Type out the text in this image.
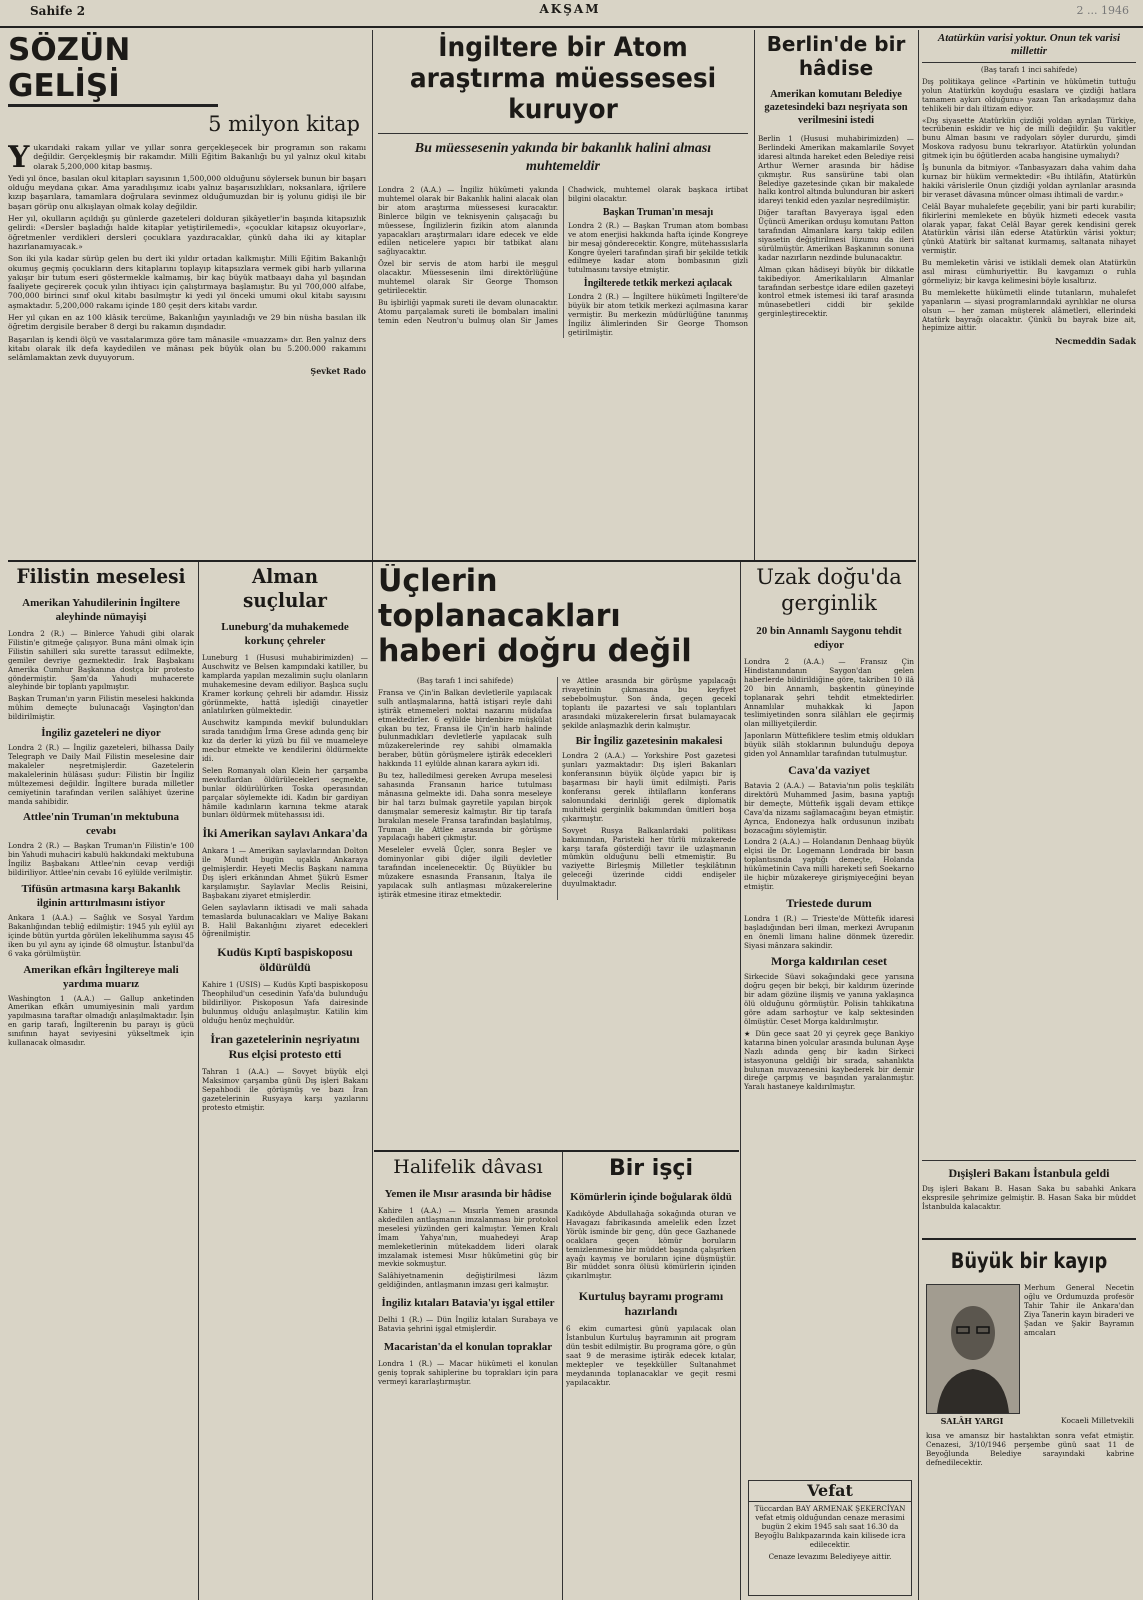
Sahife 2	AKŞAM	2 ... 1946
SÖZÜN GELİŞİ
5 milyon kitap

Yukarıdaki rakam yıllar ve yıllar sonra gerçekleşecek bir programın son rakamı değildir. Gerçekleşmiş bir rakamdır. Milli Eğitim Bakanlığı bu yıl yalnız okul kitabı olarak 5,200,000 kitap basmış.

Yedi yıl önce, basılan okul kitapları sayısının 1,500,000 olduğunu söylersek bunun bir başarı olduğu meydana çıkar. Ama yaradılışımız icabı yalnız başarısızlıkları, noksanlara, iğrilere kızıp başarılara, tamamlara doğrulara sevinmez olduğumuzdan bir iş yolunu gidişi ile bir başarı görüp onu alkışlayan olmak kolay değildir.

Her yıl, okulların açıldığı şu günlerde gazeteleri dolduran şikâyetler'in başında kitapsızlık gelirdi: «Dersler başladığı halde kitaplar yetiştirilemedi», «çocuklar kitapsız okuyorlar», öğretmenler verdikleri dersleri çocuklara yazdıracaklar, çünkü daha iki ay kitaplar hazırlanamıyacak.»

Son iki yıla kadar sürüp gelen bu dert iki yıldır ortadan kalkmıştır. Milli Eğitim Bakanlığı okumuş geçmiş çocukların ders kitaplarını toplayıp kitapsızlara vermek gibi harb yıllarına yakışır bir tutum eseri göstermekle kalmamış, bir kaç büyük matbaayı daha yıl başından faaliyete geçirerek çocuk yılın ihtiyacı için çalıştırmaya başlamıştır. Bu yıl 700,000 alfabe, 700,000 birinci sınıf okul kitabı basılmıştır ki yedi yıl önceki umumi okul kitabı sayısını aşmaktadır. 5,200,000 rakamı içinde 180 çeşit ders kitabı vardır.

Her yıl çıkan en az 100 klâsik tercüme, Bakanlığın yayınladığı ve 29 bin nüsha basılan ilk öğretim dergisile beraber 8 dergi bu rakamın dışındadır.

Başarılan iş kendi ölçü ve vasıtalarımıza göre tam mânasile «muazzam» dır. Ben yalnız ders kitabı olarak ilk defa kaydedilen ve mânası pek büyük olan bu 5.200.000 rakamını selâmlamaktan zevk duyuyorum.

Şevket Rado
İngiltere bir Atom araştırma müessesesi kuruyor
Bu müessesenin yakında bir bakanlık halini alması muhtemeldir

Londra 2 (A.A.) — İngiliz hükûmeti yakında muhtemel olarak bir Bakanlık halini alacak olan bir atom araştırma müessesesi kuracaktır. Binlerce bilgin ve teknisyenin çalışacağı bu müessese, İngilizlerin fizikin atom alanında yapacakları araştırmaları idare edecek ve elde edilen neticelere yapıcı bir tatbikat alanı sağlıyacaktır.

Özel bir servis de atom harbi ile meşgul olacaktır. Müessesenin ilmi direktörlüğüne muhtemel olarak Sir George Thomson getirilecektir.

Bu işbirliği yapmak sureti ile devam olunacaktır. Atomu parçalamak sureti ile bombaları imalini temin eden Neutron'u bulmuş olan Sir James Chadwick, muhtemel olarak başkaca irtibat bilgini olacaktır.

Başkan Truman'ın mesajı

Londra 2 (R.) — Başkan Truman atom bombası ve atom enerjisi hakkında hafta içinde Kongreye bir mesaj gönderecektir. Kongre, mütehassıslarla Kongre üyeleri tarafından şirafi bir şekilde tetkik edilmeye kadar atom bombasının gizli tutulmasını tavsiye etmiştir.

İngilterede tetkik merkezi açılacak

Londra 2 (R.) — İngiltere hükûmeti İngiltere'de büyük bir atom tetkik merkezi açılmasına karar vermiştir. Bu merkezin müdürlüğüne tanınmış İngiliz âlimlerinden Sir George Thomson getirilmiştir.

Berlin'de bir hâdise
Amerikan komutanı Belediye gazetesindeki bazı neşriyata son verilmesini istedi

Berlin 1 (Hususi muhabirimizden) — Berlindeki Amerikan makamlarile Sovyet idaresi altında hareket eden Belediye reisi Arthur Werner arasında bir hâdise çıkmıştır. Rus sansürüne tabi olan Belediye gazetesinde çıkan bir makalede halkı kontrol altında bulunduran bir askeri idareyi tenkid eden yazılar neşredilmiştir.

Diğer taraftan Bavyeraya işgal eden Üçüncü Amerikan orduşu komutanı Patton tarafından Almanlara karşı takip edilen siyasetin değiştirilmesi lüzumu da ileri sürülmüştür. Amerikan Başkanının sonuna kadar nazırların nezdinde bulunacaktır.

Alman çıkan hâdiseyi büyük bir dikkatle takibediyor. Amerikalıların Almanlar tarafından serbestçe idare edilen gazeteyi kontrol etmek istemesi iki taraf arasında münasebetleri ciddi bir şekilde gerginleştirecektir.

Atatürkün varisi yoktur. Onun tek varisi millettir
(Baş tarafı 1 inci sahifede)

Dış politikaya gelince «Partinin ve hükûmetin tuttuğu yolun Atatürkün koyduğu esaslara ve çizdiği hatlara tamamen aykırı olduğunu» yazan Tan arkadaşımız daha tehlikeli bir dalı iltizam ediyor.

«Dış siyasette Atatürkün çizdiği yoldan ayrılan Türkiye, tecrübenin eskidir ve hiç de milli değildir. Şu vakitler bunu Alman basını ve radyoları söyler dururdu, şimdi Moskova radyosu bunu tekrarlıyor. Atatürkün yolundan gitmek için bu öğütlerden acaba hangisine uymalıydı?

İş bununla da bitmiyor. «Tanbasyazarı daha vahim daha kurnaz bir hüküm vermektedir: «Bu ihtilâfın, Atatürkün hakiki vârislerile Onun çizdiği yoldan ayrılanlar arasında bir veraset dâvasına müncer olması ihtimali de vardır.»

Celâl Bayar muhalefete geçebilir, yani bir parti kurabilir; fikirlerini memlekete en büyük hizmeti edecek vasıta olarak yapar, fakat Celâl Bayar gerek kendisini gerek Atatürkün vârisi ilân ederse Atatürkün vârisi yoktur; çünkü Atatürk bir saltanat kurmamış, saltanata nihayet vermiştir.

Bu memleketin vârisi ve istiklali demek olan Atatürkün asıl mirası cümhuriyettir. Bu kavgamızı o ruhla görmeliyiz; bir kavga kelimesini böyle kısaltırız.

Bu memlekette hükûmetli elinde tutanların, muhalefet yapanların — siyasi programlarındaki ayrılıklar ne olursa olsun — her zaman müşterek alâmetleri, ellerindeki Atatürk bayrağı olacaktır. Çünkü bu bayrak bize ait, hepimize aittir.

Necmeddin Sadak
Dışişleri Bakanı İstanbula geldi

Dış işleri Bakanı B. Hasan Saka bu sabahki Ankara ekspresile şehrimize gelmiştir. B. Hasan Saka bir müddet İstanbulda kalacaktır.

Büyük bir kayıp

Merhum General Necetin oğlu ve Ordumuzda profesör Tahir Tahir ile Ankara'dan Ziya Tanerin kayın biraderi ve Şadan ve Şakir Bayramın amcaları

SALÂH YARGI	Kocaeli Milletvekili

kısa ve amansız bir hastalıktan sonra vefat etmiştir. Cenazesi, 3/10/1946 perşembe günü saat 11 de Beyoğlunda Belediye sarayındaki kabrine defnedilecektir.

Filistin meselesi
Amerikan Yahudilerinin İngiltere aleyhinde nümayişi

Londra 2 (R.) — Binlerce Yahudi gibi olarak Filistin'e gitmeğe çalışıyor. Buna mâni olmak için Filistin sahilleri sıkı surette tarassut edilmekte, gemiler devriye gezmektedir. Irak Başbakanı Amerika Cumhur Başkanına dostça bir protesto göndermiştir. Şam'da Yahudi muhacerete aleyhinde bir toplantı yapılmıştır.

Başkan Truman'ın yarın Filistin meselesi hakkında mühim demeçte bulunacağı Vaşington'dan bildirilmiştir.

İngiliz gazeteleri ne diyor

Londra 2 (R.) — İngiliz gazeteleri, bilhassa Daily Telegraph ve Daily Mail Filistin meselesine dair makaleler neşretmişlerdir. Gazetelerin makalelerinin hülâsası şudur: Filistin bir İngiliz mültezemesi değildir. İngiltere burada milletler cemiyetinin tarafından verilen salâhiyet üzerine manda sahibidir.

Attlee'nin Truman'ın mektubuna cevabı

Londra 2 (R.) — Başkan Truman'ın Filistin'e 100 bin Yahudi muhaciri kabulü hakkındaki mektubuna İngiliz Başbakanı Attlee'nin cevap verdiği bildiriliyor. Attlee'nin cevabı 16 eylülde verilmiştir.

Tifüsün artmasına karşı Bakanlık ilginin arttırılmasını istiyor

Ankara 1 (A.A.) — Sağlık ve Sosyal Yardım Bakanlığından tebliğ edilmiştir: 1945 yılı eylül ayı içinde bütün yurtda görülen lekelihumma sayısı 45 iken bu yıl aynı ay içinde 68 olmuştur. İstanbul'da 6 vaka görülmüştür.

Amerikan efkârı İngiltereye mali yardıma muarız

Washington 1 (A.A.) — Gallup anketinden Amerikan efkârı umumiyesinin mali yardım yapılmasına taraftar olmadığı anlaşılmaktadır. İşin en garip tarafı, İngilterenin bu parayı iş gücü sınıfının hayat seviyesini yükseltmek için kullanacak olmasıdır.

Alman suçlular
Luneburg'da muhakemede korkunç çehreler

Luneburg 1 (Hususi muhabirimizden) — Auschwitz ve Belsen kampındaki katiller, bu kamplarda yapılan mezalimin suçlu olanların muhakemesine devam ediliyor. Başlıca suçlu Kramer korkunç çehreli bir adamdır. Hissiz görünmekte, hattâ işlediği cinayetler anlatılırken gülmektedir.

Auschwitz kampında mevkif bulundukları sırada tanıdığım İrma Grese adında genç bir kız da derler ki yüzü bu fiil ve muameleye mecbur etmekte ve kendilerini öldürmekte idi.

Selen Romanyalı olan Klein her çarşamba mevkuflardan öldürülecekleri seçmekte, bunlar öldürülürken Toska operasından parçalar söylemekte idi. Kadın bir gardiyan hâmile kadınların karnına tekme atarak bunları öldürmek mütehassısı idi.

İki Amerikan saylavı Ankara'da

Ankara 1 — Amerikan saylavlarından Dolton ile Mundt bugün uçakla Ankaraya gelmişlerdir. Heyeti Meclis Başkanı namına Dış işleri erkânından Ahmet Şükrü Esmer karşılamıştır. Saylavlar Meclis Reisini, Başbakanı ziyaret etmişlerdir.

Gelen saylavların iktisadi ve mali sahada temaslarda bulunacakları ve Maliye Bakanı B. Halil Bakanlığını ziyaret edecekleri öğrenilmiştir.

Kudüs Kıptî baspiskoposu öldürüldü

Kahire 1 (USIS) — Kudüs Kıptî baspiskoposu Theophilud'un cesedinin Yafa'da bulunduğu bildiriliyor. Piskoposun Yafa dairesinde bulunmuş olduğu anlaşılmıştır. Katilin kim olduğu henüz meçhuldür.

İran gazetelerinin neşriyatını Rus elçisi protesto etti

Tahran 1 (A.A.) — Sovyet büyük elçi Maksimov çarşamba günü Dış işleri Bakanı Sepahbodi ile görüşmüş ve bazı İran gazetelerinin Rusyaya karşı yazılarını protesto etmiştir.

Üçlerin toplanacakları haberi doğru değil
(Baş tarafı 1 inci sahifede)

Fransa ve Çin'in Balkan devletlerile yapılacak sulh antlaşmalarına, hattâ istişari reyle dahi iştirâk etmemeleri noktai nazarını müdafaa etmektedirler. 6 eylülde birdenbire müşkülat çıkan bu tez, Fransa ile Çin'in harb halinde bulunmadıkları devletlerle yapılacak sulh müzakerelerinde rey sahibi olmamakla beraber, bütün görüşmelere iştirâk edecekleri hakkında 11 eylülde alınan karara aykırı idi.

Bu tez, halledilmesi gereken Avrupa meselesi sahasında Fransanın harice tutulması mânasına gelmekte idi. Daha sonra meseleye bir hal tarzı bulmak gayretile yapılan birçok danışmalar semeresiz kalmıştır. Bir tip tarafa bırakılan mesele Fransa tarafından başlatılmış, Truman ile Attlee arasında bir görüşme yapılacağı haberi çıkmıştır.

Meseleler evvelâ Üçler, sonra Beşler ve dominyonlar gibi diğer ilgili devletler tarafından incelenecektir. Üç Büyükler bu müzakere esnasında Fransanın, İtalya ile yapılacak sulh antlaşması müzakerelerine iştirâk etmesine itiraz etmektedir.

ve Attlee arasında bir görüşme yapılacağı rivayetinin çıkmasına bu keyfiyet sebebolmuştur. Son ânda, geçen gecekî toplantı ile pazartesi ve salı toplantıları arasındaki müzakerelerin fırsat bulamayacak şekilde anlaşmazlık derin kalmıştır.

Bir İngiliz gazetesinin makalesi

Londra 2 (A.A.) — Yorkshire Post gazetesi şunları yazmaktadır: Dış işleri Bakanları konferansının büyük ölçüde yapıcı bir iş başarması bir hayli ümit edilmişti. Paris konferansı gerek ihtilafların konferans salonundaki derinliği gerek diplomatik muhitteki gerginlik bakımından ümitleri boşa çıkarmıştır.

Sovyet Rusya Balkanlardaki politikası bakımından, Paristeki her türlü müzakerede karşı tarafa gösterdiği tavır ile uzlaşmanın mümkün olduğunu belli etmemiştir. Bu vaziyette Birleşmiş Milletler teşkilâtının geleceği üzerinde ciddi endişeler duyulmaktadır.

Uzak doğu'da gerginlik
20 bin Annamlı Saygonu tehdit ediyor

Londra 2 (A.A.) — Fransız Çin Hindistanındanın Saygon'dan gelen haberlerde bildirildiğine göre, takriben 10 ilâ 20 bin Annamlı, başkentin güneyinde toplanarak şehri tehdit etmektedirler. Annamlılar muhakkak ki Japon teslimiyetinden sonra silâhları ele geçirmiş olan milliyetçilerdir.

Japonların Müttefiklere teslim etmiş oldukları büyük silâh stoklarının bulunduğu depoya giden yol Annamlılar tarafından tutulmuştur.

Cava'da vaziyet

Batavia 2 (A.A.) — Batavia'nın polis teşkilâtı direktörü Muhammed Jasim, basına yaptığı bir demeçte, Müttefik işgali devam ettikçe Cava'da nizamı sağlamacağını beyan etmiştir. Ayrıca, Endonezya halk ordusunun inzibatı bozacağını söylemiştir.

Londra 2 (A.A.) — Holandanın Denhaag büyük elçisi ile Dr. Logemann Londrada bir basın toplantısında yaptığı demeçte, Holanda hükûmetinin Cava milli hareketi sefi Soekarno ile hiçbir müzakereye girişmiyeceğini beyan etmiştir.

Triestede durum

Londra 1 (R.) — Trieste'de Müttefik idaresi başladığından beri ilman, merkezi Avrupanın en önemli limanı haline dönmek üzeredir. Siyasi mânzara sakindir.

Morga kaldırılan ceset

Sirkecide Süavi sokağındaki gece yarısına doğru geçen bir bekçi, bir kaldırım üzerinde bir adam gözüne ilişmiş ve yanına yaklaşınca ölü olduğunu görmüştür. Polisin tahkikatına göre adam sarhoştur ve kalp sektesinden ölmüştür. Ceset Morga kaldırılmıştır.

★ Dün gece saat 20 yi çeyrek geçe Bankiyo katarına binen yolcular arasında bulunan Ayşe Nazlı adında genç bir kadın Sirkeci istasyonuna geldiği bir sırada, sahanlıkta bulunan muvazenesini kaybederek bir demir direğe çarpmış ve başından yaralanmıştır. Yaralı hastaneye kaldırılmıştır.

Vefat

Tüccardan BAY ARMENAK ŞEKERCİYAN vefat etmiş olduğundan cenaze merasimi bugün 2 ekim 1945 salı saat 16.30 da Beyoğlu Balıkpazarında kain kilisede icra edilecektir.

Cenaze levazımı Belediyeye aittir.

Halifelik dâvası
Yemen ile Mısır arasında bir hâdise

Kahire 1 (A.A.) — Mısırla Yemen arasında akdedilen antlaşmanın imzalanması bir protokol meselesi yüzünden geri kalmıştır. Yemen Kralı İmam Yahya'nın, muahedeyi Arap memleketlerinin mütekaddem lideri olarak imzalamak istemesi Mısır hükûmetini güç bir mevkie sokmuştur.

Salâhiyetnamenin değiştirilmesi lâzım geldiğinden, antlaşmanın imzası geri kalmıştır.

İngiliz kıtaları Batavia'yı işgal ettiler

Delhi 1 (R.) — Dün İngiliz kıtaları Surabaya ve Batavia şehrini işgal etmişlerdir.

Macaristan'da el konulan topraklar

Londra 1 (R.) — Macar hükûmeti el konulan geniş toprak sahiplerine bu toprakları için para vermeyi kararlaştırmıştır.

Bir işçi
Kömürlerin içinde boğularak öldü

Kadıköyde Abdullahağa sokağında oturan ve Havagazı fabrikasında amelelik eden İzzet Yörük isminde bir genç, dün gece Gazhanede ocaklara geçen kömür boruların temizlenmesine bir müddet başında çalışırken ayağı kaymış ve boruların içine düşmüştür. Bir müddet sonra ölüsü kömürlerin içinden çıkarılmıştır.

Kurtuluş bayramı programı hazırlandı

6 ekim cumartesi günü yapılacak olan İstanbulun Kurtuluş bayramının ait program dün tesbit edilmiştir. Bu programa göre, o gün saat 9 de merasime iştirâk edecek kıtalar, mektepler ve teşekküller Sultanahmet meydanında toplanacaklar ve geçit resmi yapılacaktır.
